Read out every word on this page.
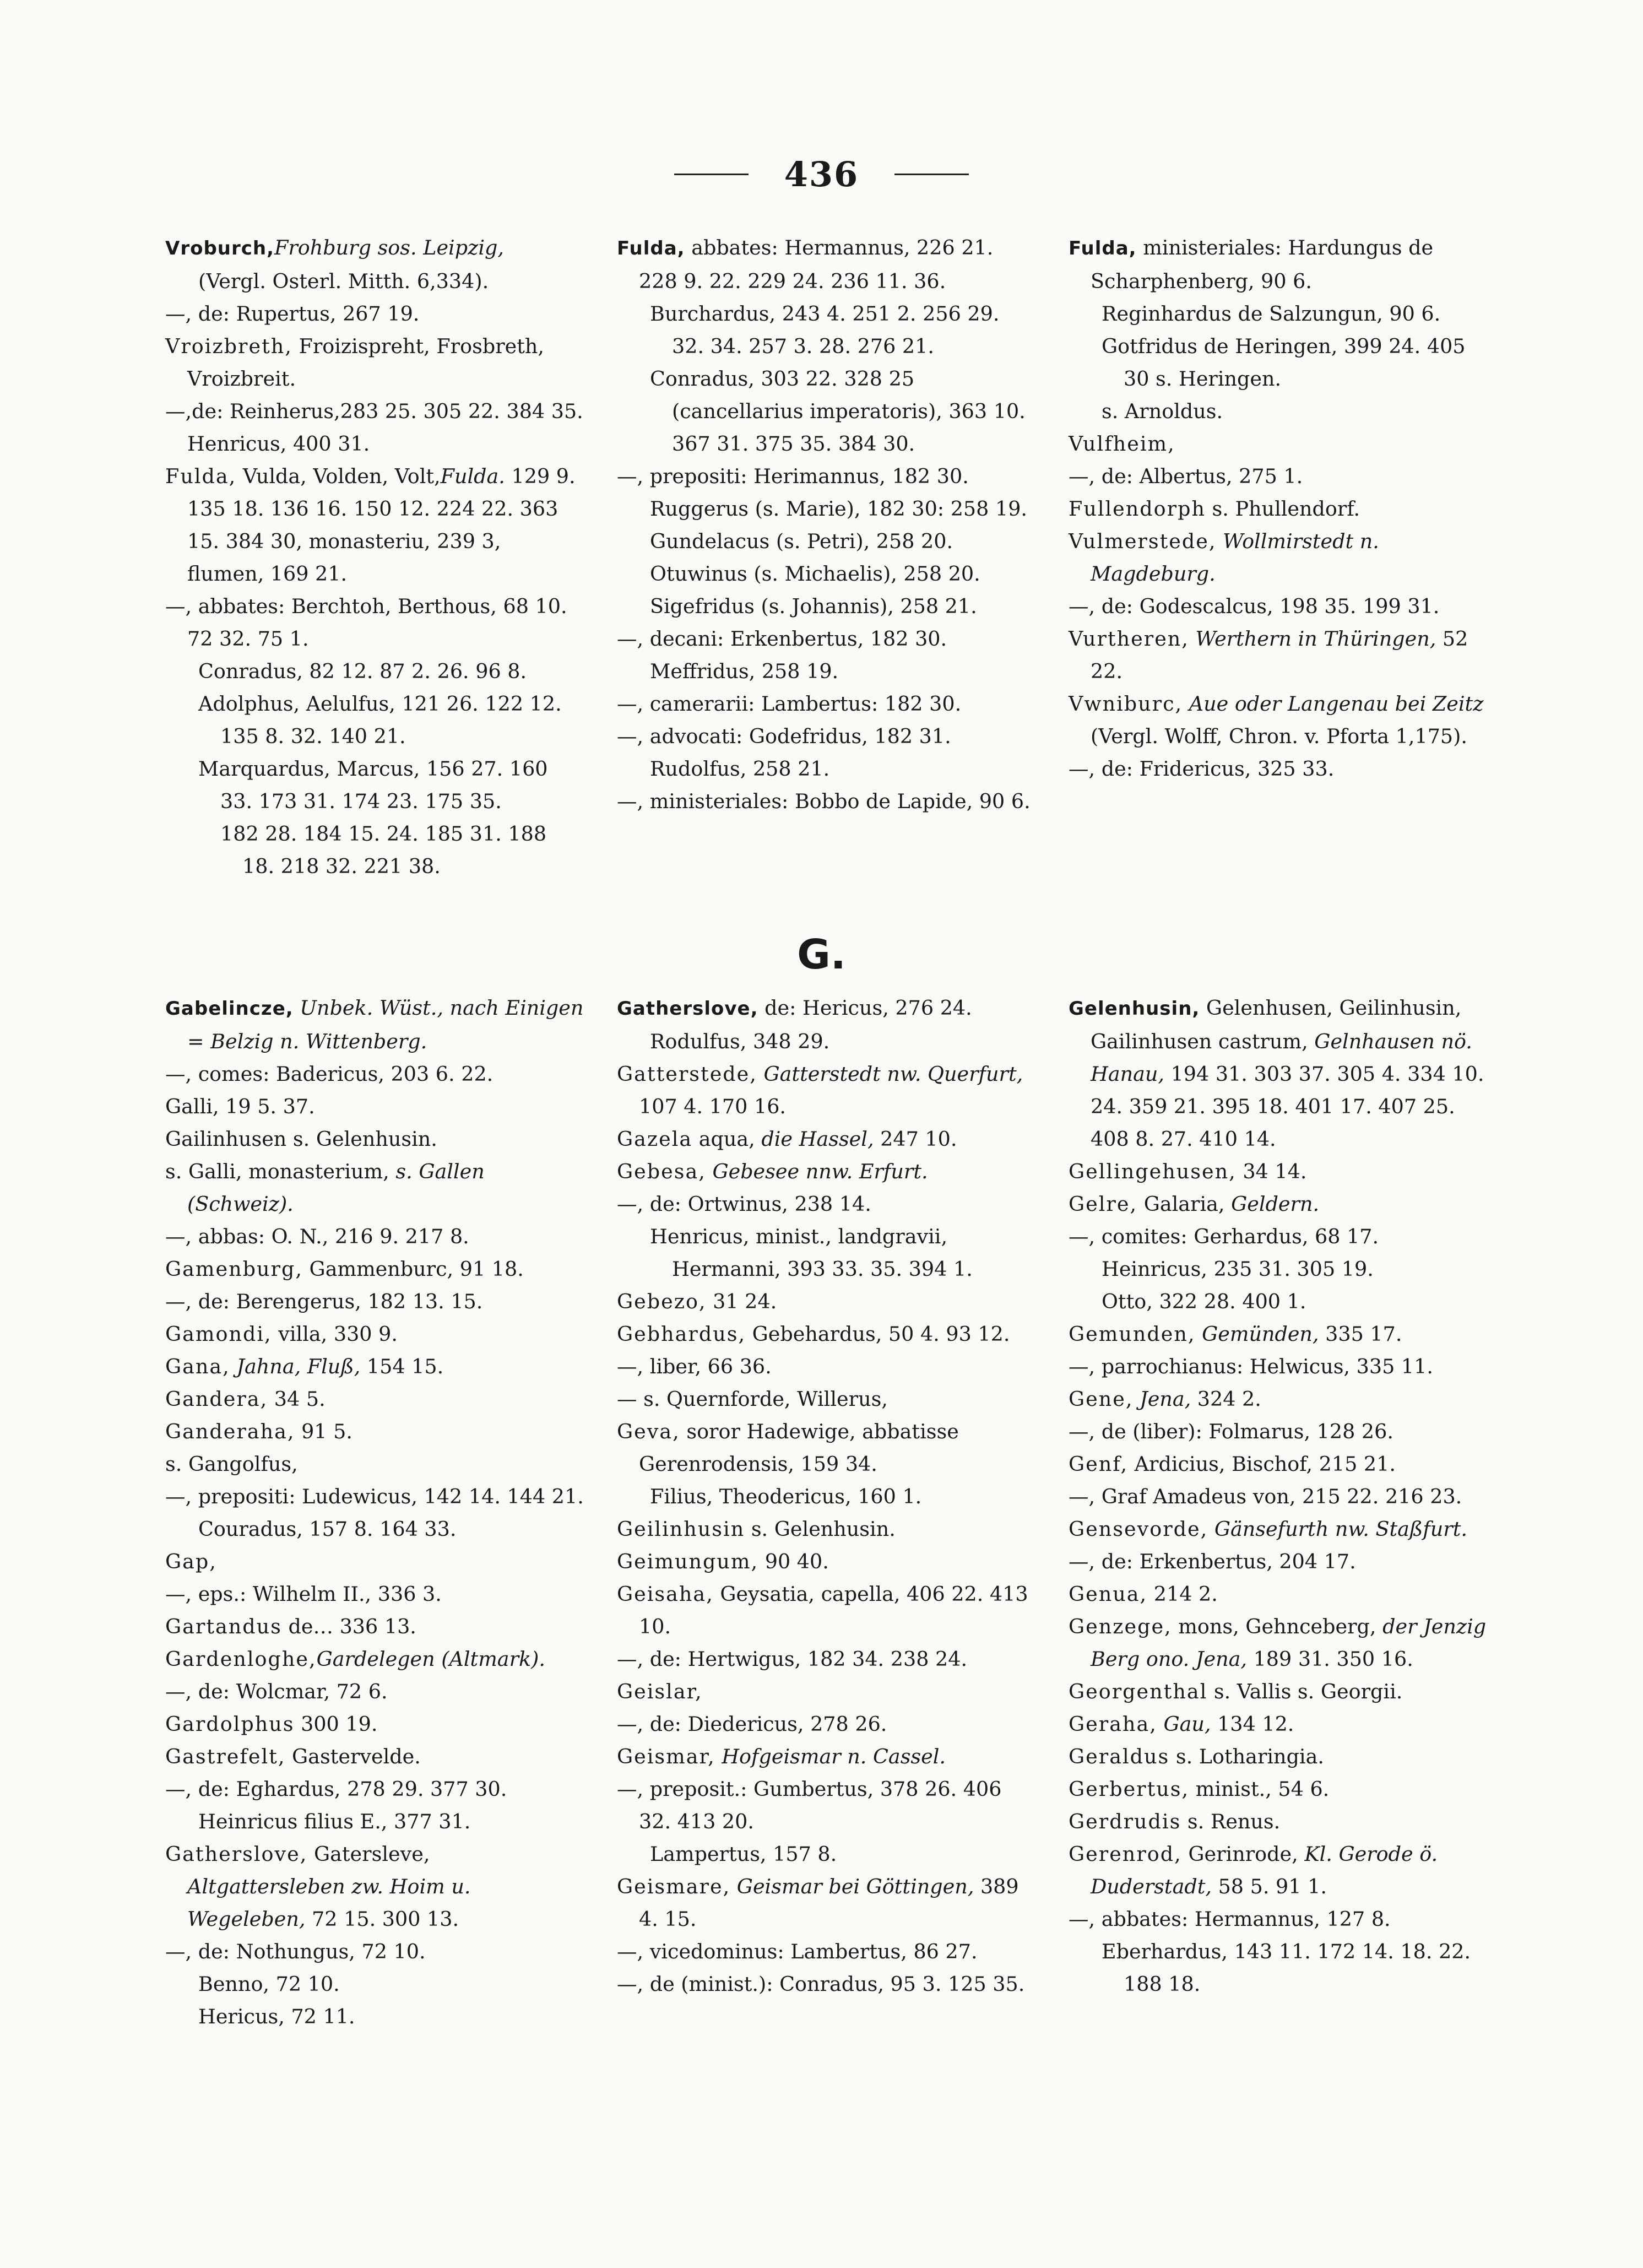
436

Vroburch,Frohburg sos. Leipzig,

(Vergl. Osterl. Mitth. 6,334).

—, de: Rupertus, 267 19.

Vroizbreth, Froizispreht, Frosbreth, Vroizbreit.

—,de: Reinherus,283 25. 305 22. 384 35. Henricus, 400 31.

Fulda, Vulda, Volden, Volt,Fulda. 129 9. 135 18. 136 16. 150 12. 224 22. 363 15. 384 30, monasteriu, 239 3, flumen, 169 21.

—, abbates: Berchtoh, Berthous, 68 10. 72 32. 75 1.

Conradus, 82 12. 87 2. 26. 96 8.

Adolphus, Aelulfus, 121 26. 122 12. 135 8. 32. 140 21.

Marquardus, Marcus, 156 27. 160 33. 173 31. 174 23. 175 35.

182 28. 184 15. 24. 185 31. 188 18. 218 32. 221 38.

Fulda, abbates: Hermannus, 226 21. 228 9. 22. 229 24. 236 11. 36.

Burchardus, 243 4. 251 2. 256 29. 32. 34. 257 3. 28. 276 21.

Conradus, 303 22. 328 25 (cancellarius imperatoris), 363 10. 367 31. 375 35. 384 30.

—, prepositi: Herimannus, 182 30.

Ruggerus (s. Marie), 182 30: 258 19.

Gundelacus (s. Petri), 258 20.

Otuwinus (s. Michaelis), 258 20.

Sigefridus (s. Johannis), 258 21.

—, decani: Erkenbertus, 182 30.

Meffridus, 258 19.

—, camerarii: Lambertus: 182 30.

—, advocati: Godefridus, 182 31.

Rudolfus, 258 21.

—, ministeriales: Bobbo de Lapide, 90 6.

Fulda, ministeriales: Hardungus de Scharphenberg, 90 6.

Reginhardus de Salzungun, 90 6.

Gotfridus de Heringen, 399 24. 405 30 s. Heringen.

s. Arnoldus.

Vulfheim,

—, de: Albertus, 275 1.

Fullendorph s. Phullendorf.

Vulmerstede, Wollmirstedt n. Magdeburg.

—, de: Godescalcus, 198 35. 199 31.

Vurtheren, Werthern in Thüringen, 52 22.

Vwniburc, Aue oder Langenau bei Zeitz (Vergl. Wolff, Chron. v. Pforta 1,175).

—, de: Fridericus, 325 33.

G.

Gabelincze, Unbek. Wüst., nach Einigen = Belzig n. Wittenberg.

—, comes: Badericus, 203 6. 22.

Galli, 19 5. 37.

Gailinhusen s. Gelenhusin.

s. Galli, monasterium, s. Gallen (Schweiz).

—, abbas: O. N., 216 9. 217 8.

Gamenburg, Gammenburc, 91 18.

—, de: Berengerus, 182 13. 15.

Gamondi, villa, 330 9.

Gana, Jahna, Fluß, 154 15.

Gandera, 34 5.

Ganderaha, 91 5.

s. Gangolfus,

—, prepositi: Ludewicus, 142 14. 144 21.

Couradus, 157 8. 164 33.

Gap,

—, eps.: Wilhelm II., 336 3.

Gartandus de… 336 13.

Gardenloghe,Gardelegen (Altmark).

—, de: Wolcmar, 72 6.

Gardolphus 300 19.

Gastrefelt, Gastervelde.

—, de: Eghardus, 278 29. 377 30.

Heinricus filius E., 377 31.

Gatherslove, Gatersleve, Altgattersleben zw. Hoim u. Wegeleben, 72 15. 300 13.

—, de: Nothungus, 72 10.

Benno, 72 10.

Hericus, 72 11.

Gatherslove, de: Hericus, 276 24.

Rodulfus, 348 29.

Gatterstede, Gatterstedt nw. Querfurt, 107 4. 170 16.

Gazela aqua, die Hassel, 247 10.

Gebesa, Gebesee nnw. Erfurt.

—, de: Ortwinus, 238 14.

Henricus, minist., landgravii, Hermanni, 393 33. 35. 394 1.

Gebezo, 31 24.

Gebhardus, Gebehardus, 50 4. 93 12.

—, liber, 66 36.

— s. Quernforde, Willerus,

Geva, soror Hadewige, abbatisse Gerenrodensis, 159 34.

Filius, Theodericus, 160 1.

Geilinhusin s. Gelenhusin.

Geimungum, 90 40.

Geisaha, Geysatia, capella, 406 22. 413 10.

—, de: Hertwigus, 182 34. 238 24.

Geislar,

—, de: Diedericus, 278 26.

Geismar, Hofgeismar n. Cassel.

—, preposit.: Gumbertus, 378 26. 406 32. 413 20.

Lampertus, 157 8.

Geismare, Geismar bei Göttingen, 389 4. 15.

—, vicedominus: Lambertus, 86 27.

—, de (minist.): Conradus, 95 3. 125 35.

Gelenhusin, Gelenhusen, Geilinhusin, Gailinhusen castrum, Gelnhausen nö. Hanau, 194 31. 303 37. 305 4. 334 10. 24. 359 21. 395 18. 401 17. 407 25. 408 8. 27. 410 14.

Gellingehusen, 34 14.

Gelre, Galaria, Geldern.

—, comites: Gerhardus, 68 17.

Heinricus, 235 31. 305 19.

Otto, 322 28. 400 1.

Gemunden, Gemünden, 335 17.

—, parrochianus: Helwicus, 335 11.

Gene, Jena, 324 2.

—, de (liber): Folmarus, 128 26.

Genf, Ardicius, Bischof, 215 21.

—, Graf Amadeus von, 215 22. 216 23.

Gensevorde, Gänsefurth nw. Staßfurt.

—, de: Erkenbertus, 204 17.

Genua, 214 2.

Genzege, mons, Gehnceberg, der Jenzig Berg ono. Jena, 189 31. 350 16.

Georgenthal s. Vallis s. Georgii.

Geraha, Gau, 134 12.

Geraldus s. Lotharingia.

Gerbertus, minist., 54 6.

Gerdrudis s. Renus.

Gerenrod, Gerinrode, Kl. Gerode ö. Duderstadt, 58 5. 91 1.

—, abbates: Hermannus, 127 8.

Eberhardus, 143 11. 172 14. 18. 22. 188 18.
